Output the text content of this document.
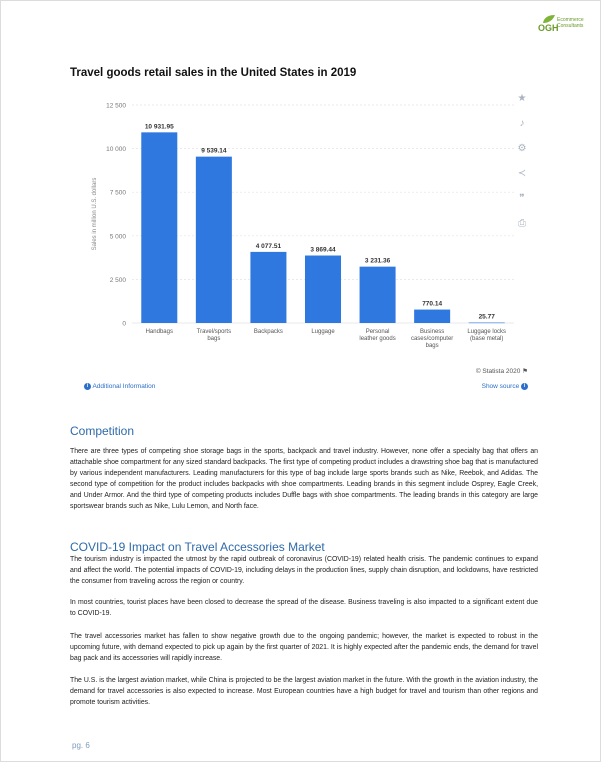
OGH
Ecommerce
Consultants
Travel goods retail sales in the United States in 2019
0
2 500
5 000
7 500
10 000
12 500
Sales in million U.S. dollars
10 931.95
Handbags
9 539.14
Travel/sports
bags
4 077.51
Backpacks
3 869.44
Luggage
3 231.36
Personal
leather goods
770.14
Business
cases/computer
bags
25.77
Luggage locks
(base metal)
★
♪
⚙
≺
❞
⎙
© Statista 2020 ⚑
i Additional Information	Show source i
Competition

There are three types of competing shoe storage bags in the sports, backpack and travel industry. However, none offer a specialty bag that offers an attachable shoe compartment for any sized standard backpacks. The first type of competing product includes a drawstring shoe bag that is manufactured by various independent manufacturers. Leading manufacturers for this type of bag include large sports brands such as Nike, Reebok, and Adidas. The second type of competition for the product includes backpacks with shoe compartments. Leading brands in this segment include Osprey, Eagle Creek, and Under Armor. And the third type of competing products includes Duffle bags with shoe compartments. The leading brands in this category are large sportswear brands such as Nike, Lulu Lemon, and North face.

COVID-19 Impact on Travel Accessories Market

The tourism industry is impacted the utmost by the rapid outbreak of coronavirus (COVID-19) related health crisis. The pandemic continues to expand and affect the world. The potential impacts of COVID-19, including delays in the production lines, supply chain disruption, and lockdowns, have restricted the consumer from traveling across the region or country.

In most countries, tourist places have been closed to decrease the spread of the disease. Business traveling is also impacted to a significant extent due to COVID-19.

The travel accessories market has fallen to show negative growth due to the ongoing pandemic; however, the market is expected to robust in the upcoming future, with demand expected to pick up again by the first quarter of 2021. It is highly expected after the pandemic ends, the demand for travel bag pack and its accessories will rapidly increase.

The U.S. is the largest aviation market, while China is projected to be the largest aviation market in the future. With the growth in the aviation industry, the demand for travel accessories is also expected to increase. Most European countries have a high budget for travel and tourism than other regions and promote tourism activities.

pg. 6
